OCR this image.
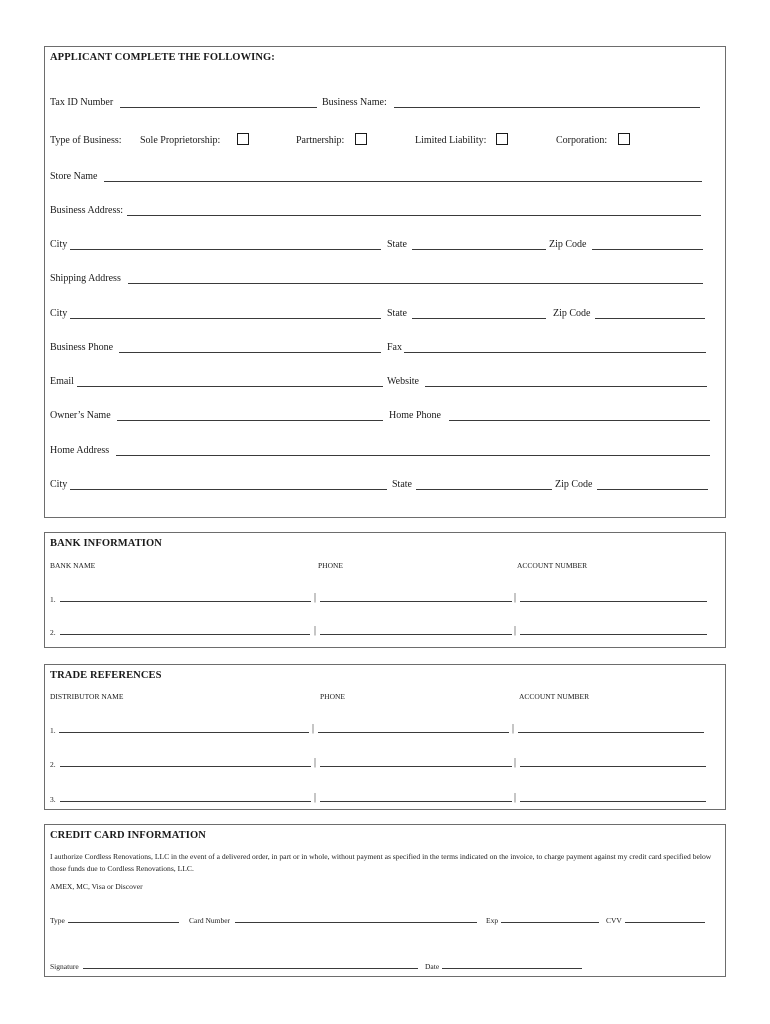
APPLICANT COMPLETE THE FOLLOWING:
Tax ID Number	Business Name:
Type of Business: Sole Proprietorship:	Partnership:	Limited Liability:	Corporation:
Store Name
Business Address:
City	State	Zip Code
Shipping Address
City	State	Zip Code
Business Phone	Fax
Email	Website
Owner’s Name	Home Phone
Home Address
City	State	Zip Code
BANK INFORMATION
BANK NAME	PHONE	ACCOUNT NUMBER
1.	|	|
2.	|	|
TRADE REFERENCES
DISTRIBUTOR NAME	PHONE	ACCOUNT NUMBER
1.	|	|
2.	|	|
3.	|	|
CREDIT CARD INFORMATION
I authorize Cordless Renovations, LLC in the event of a delivered order, in part or in whole, without payment as specified in the terms indicated on the invoice, to charge payment against my credit card specified below those funds due to Cordless Renovations, LLC.
AMEX, MC, Visa or Discover
Type	Card Number	Exp	CVV
Signature	Date
